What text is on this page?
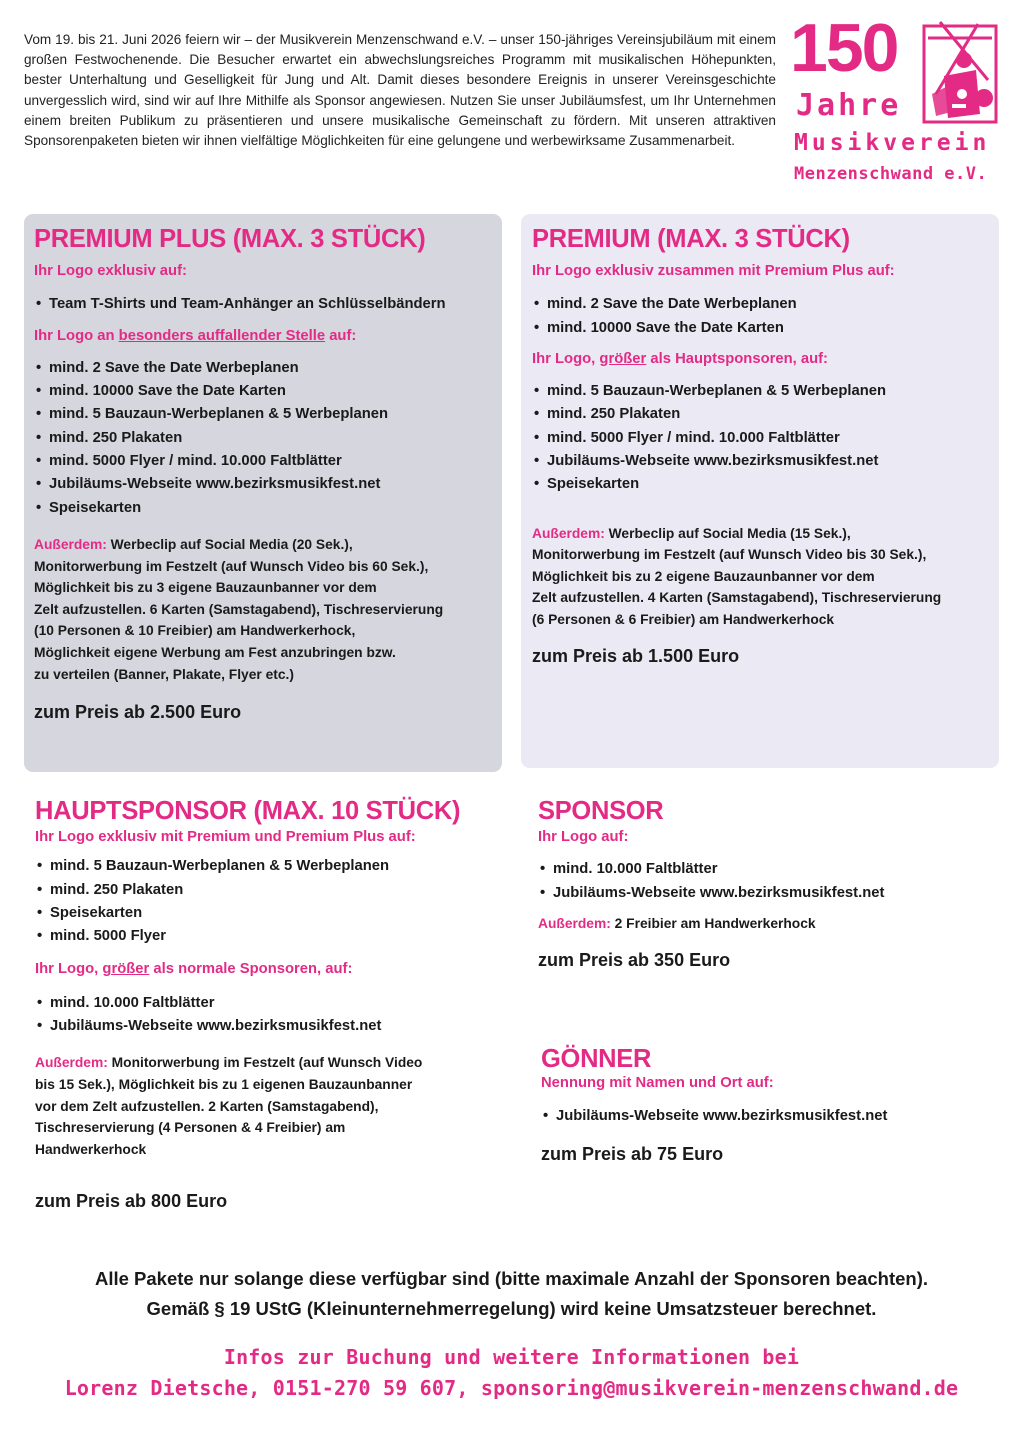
Vom 19. bis 21. Juni 2026 feiern wir – der Musikverein Menzenschwand e.V. – unser 150-jähriges Vereinsjubiläum mit einem großen Festwochenende. Die Besucher erwartet ein abwechslungsreiches Programm mit musikalischen Höhepunkten, bester Unterhaltung und Geselligkeit für Jung und Alt. Damit dieses besondere Ereignis in unserer Vereinsgeschichte unvergesslich wird, sind wir auf Ihre Mithilfe als Sponsor angewiesen. Nutzen Sie unser Jubiläumsfest, um Ihr Unternehmen einem breiten Publikum zu präsentieren und unsere musikalische Gemeinschaft zu fördern. Mit unseren attraktiven Sponsorenpaketen bieten wir ihnen vielfältige Möglichkeiten für eine gelungene und werbewirksame Zusammenarbeit.
150
Jahre
Musikverein
Menzenschwand e.V.
PREMIUM PLUS (MAX. 3 STÜCK)
Ihr Logo exklusiv auf:
• Team T-Shirts und Team-Anhänger an Schlüsselbändern
Ihr Logo an besonders auffallender Stelle auf:
• mind. 2 Save the Date Werbeplanen
• mind. 10000 Save the Date Karten
• mind. 5 Bauzaun-Werbeplanen & 5 Werbeplanen
• mind. 250 Plakaten
• mind. 5000 Flyer / mind. 10.000 Faltblätter
• Jubiläums-Webseite www.bezirksmusikfest.net
• Speisekarten
Außerdem: Werbeclip auf Social Media (20 Sek.),
Monitorwerbung im Festzelt (auf Wunsch Video bis 60 Sek.),
Möglichkeit bis zu 3 eigene Bauzaunbanner vor dem
Zelt aufzustellen. 6 Karten (Samstagabend), Tischreservierung
(10 Personen & 10 Freibier) am Handwerkerhock,
Möglichkeit eigene Werbung am Fest anzubringen bzw.
zu verteilen (Banner, Plakate, Flyer etc.)
zum Preis ab 2.500 Euro
PREMIUM (MAX. 3 STÜCK)
Ihr Logo exklusiv zusammen mit Premium Plus auf:
• mind. 2 Save the Date Werbeplanen
• mind. 10000 Save the Date Karten
Ihr Logo, größer als Hauptsponsoren, auf:
• mind. 5 Bauzaun-Werbeplanen & 5 Werbeplanen
• mind. 250 Plakaten
• mind. 5000 Flyer / mind. 10.000 Faltblätter
• Jubiläums-Webseite www.bezirksmusikfest.net
• Speisekarten
Außerdem: Werbeclip auf Social Media (15 Sek.),
Monitorwerbung im Festzelt (auf Wunsch Video bis 30 Sek.),
Möglichkeit bis zu 2 eigene Bauzaunbanner vor dem
Zelt aufzustellen. 4 Karten (Samstagabend), Tischreservierung
(6 Personen & 6 Freibier) am Handwerkerhock
zum Preis ab 1.500 Euro
HAUPTSPONSOR (MAX. 10 STÜCK)
Ihr Logo exklusiv mit Premium und Premium Plus auf:
• mind. 5 Bauzaun-Werbeplanen & 5 Werbeplanen
• mind. 250 Plakaten
• Speisekarten
• mind. 5000 Flyer
Ihr Logo, größer als normale Sponsoren, auf:
• mind. 10.000 Faltblätter
• Jubiläums-Webseite www.bezirksmusikfest.net
Außerdem: Monitorwerbung im Festzelt (auf Wunsch Video
bis 15 Sek.), Möglichkeit bis zu 1 eigenen Bauzaunbanner
vor dem Zelt aufzustellen. 2 Karten (Samstagabend),
Tischreservierung (4 Personen & 4 Freibier) am
Handwerkerhock
zum Preis ab 800 Euro
SPONSOR
Ihr Logo auf:
• mind. 10.000 Faltblätter
• Jubiläums-Webseite www.bezirksmusikfest.net
Außerdem: 2 Freibier am Handwerkerhock
zum Preis ab 350 Euro
GÖNNER
Nennung mit Namen und Ort auf:
• Jubiläums-Webseite www.bezirksmusikfest.net
zum Preis ab 75 Euro
Alle Pakete nur solange diese verfügbar sind (bitte maximale Anzahl der Sponsoren beachten).
Gemäß § 19 UStG (Kleinunternehmerregelung) wird keine Umsatzsteuer berechnet.
Infos zur Buchung und weitere Informationen bei
Lorenz Dietsche, 0151-270 59 607, sponsoring@musikverein-menzenschwand.de
